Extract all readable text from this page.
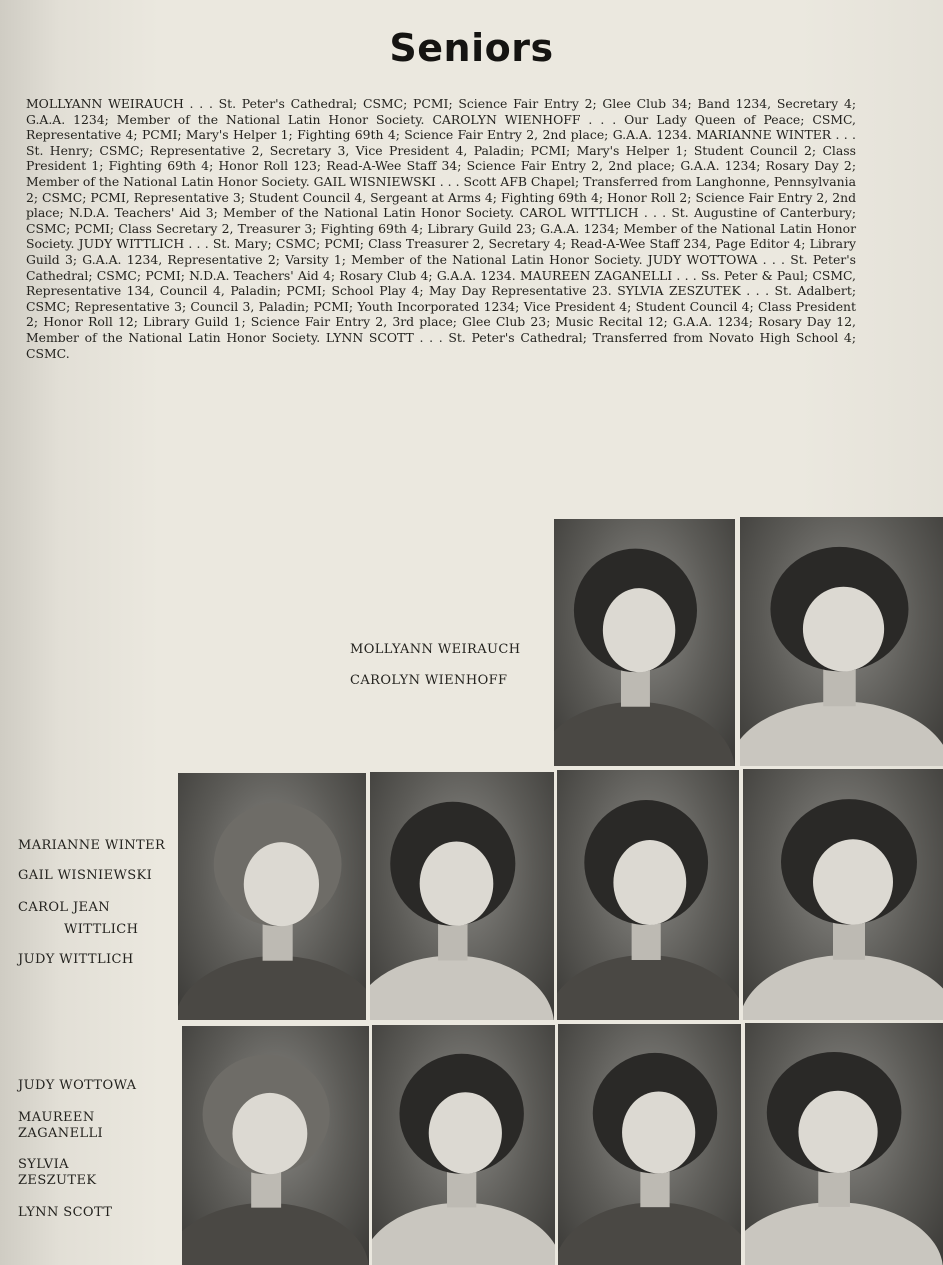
Seniors
MOLLYANN WEIRAUCH . . . St. Peter's Cathedral; CSMC; PCMI; Science Fair Entry 2; Glee Club 34; Band 1234, Secretary 4; G.A.A. 1234; Member of the National Latin Honor Society. CAROLYN WIENHOFF . . . Our Lady Queen of Peace; CSMC, Representative 4; PCMI; Mary's Helper 1; Fighting 69th 4; Science Fair Entry 2, 2nd place; G.A.A. 1234. MARIANNE WINTER . . . St. Henry; CSMC; Representative 2, Secretary 3, Vice President 4, Paladin; PCMI; Mary's Helper 1; Student Council 2; Class President 1; Fighting 69th 4; Honor Roll 123; Read-A-Wee Staff 34; Science Fair Entry 2, 2nd place; G.A.A. 1234; Rosary Day 2; Member of the National Latin Honor Society. GAIL WISNIEWSKI . . . Scott AFB Chapel; Transferred from Langhonne, Pennsylvania 2; CSMC; PCMI, Representative 3; Student Council 4, Sergeant at Arms 4; Fighting 69th 4; Honor Roll 2; Science Fair Entry 2, 2nd place; N.D.A. Teachers' Aid 3; Member of the National Latin Honor Society. CAROL WITTLICH . . . St. Augustine of Canterbury; CSMC; PCMI; Class Secretary 2, Treasurer 3; Fighting 69th 4; Library Guild 23; G.A.A. 1234; Member of the National Latin Honor Society. JUDY WITTLICH . . . St. Mary; CSMC; PCMI; Class Treasurer 2, Secretary 4; Read-A-Wee Staff 234, Page Editor 4; Library Guild 3; G.A.A. 1234, Representative 2; Varsity 1; Member of the National Latin Honor Society. JUDY WOTTOWA . . . St. Peter's Cathedral; CSMC; PCMI; N.D.A. Teachers' Aid 4; Rosary Club 4; G.A.A. 1234. MAUREEN ZAGANELLI . . . Ss. Peter & Paul; CSMC, Representative 134, Council 4, Paladin; PCMI; School Play 4; May Day Representative 23. SYLVIA ZESZUTEK . . . St. Adalbert; CSMC; Representative 3; Council 3, Paladin; PCMI; Youth Incorporated 1234; Vice President 4; Student Council 4; Class President 2; Honor Roll 12; Library Guild 1; Science Fair Entry 2, 3rd place; Glee Club 23; Music Recital 12; G.A.A. 1234; Rosary Day 12, Member of the National Latin Honor Society. LYNN SCOTT . . . St. Peter's Cathedral; Transferred from Novato High School 4; CSMC.
MOLLYANN WEIRAUCH
CAROLYN WIENHOFF
MARIANNE WINTER
GAIL WISNIEWSKI
CAROL JEAN
WITTLICH
JUDY WITTLICH
JUDY WOTTOWA
MAUREEN
ZAGANELLI
SYLVIA
ZESZUTEK
LYNN SCOTT
